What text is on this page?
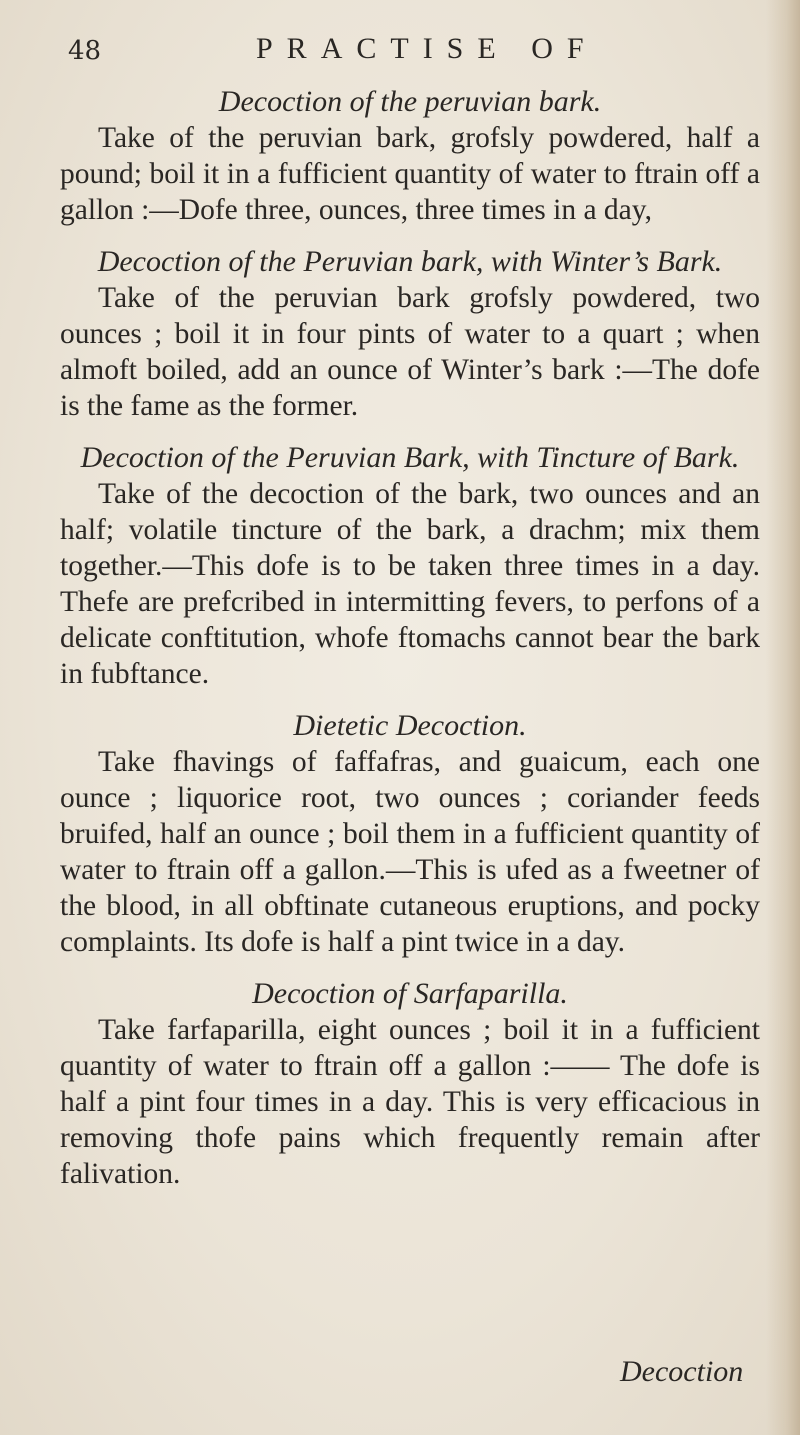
48	PRACTISE OF

Decoction of the peruvian bark.

Take of the peruvian bark, grofsly powdered, half a pound; boil it in a fufficient quantity of water to ftrain off a gallon :—Dofe three, ounces, three times in a day,

Decoction of the Peruvian bark, with Winter’s Bark.

Take of the peruvian bark grofsly powdered, two ounces ; boil it in four pints of water to a quart ; when almoft boiled, add an ounce of Winter’s bark :—The dofe is the fame as the former.

Decoction of the Peruvian Bark, with Tincture of Bark.

Take of the decoction of the bark, two ounces and an half; volatile tincture of the bark, a drachm; mix them together.—This dofe is to be taken three times in a day. Thefe are prefcribed in intermitting fevers, to perfons of a delicate conftitution, whofe ftomachs cannot bear the bark in fubftance.

Dietetic Decoction.

Take fhavings of faffafras, and guaicum, each one ounce ; liquorice root, two ounces ; coriander feeds bruifed, half an ounce ; boil them in a fufficient quantity of water to ftrain off a gallon.—This is ufed as a fweetner of the blood, in all obftinate cutaneous eruptions, and pocky complaints. Its dofe is half a pint twice in a day.

Decoction of Sarfaparilla.

Take farfaparilla, eight ounces ; boil it in a fufficient quantity of water to ftrain off a gallon :—— The dofe is half a pint four times in a day. This is very efficacious in removing thofe pains which frequently remain after falivation.

Decoction
